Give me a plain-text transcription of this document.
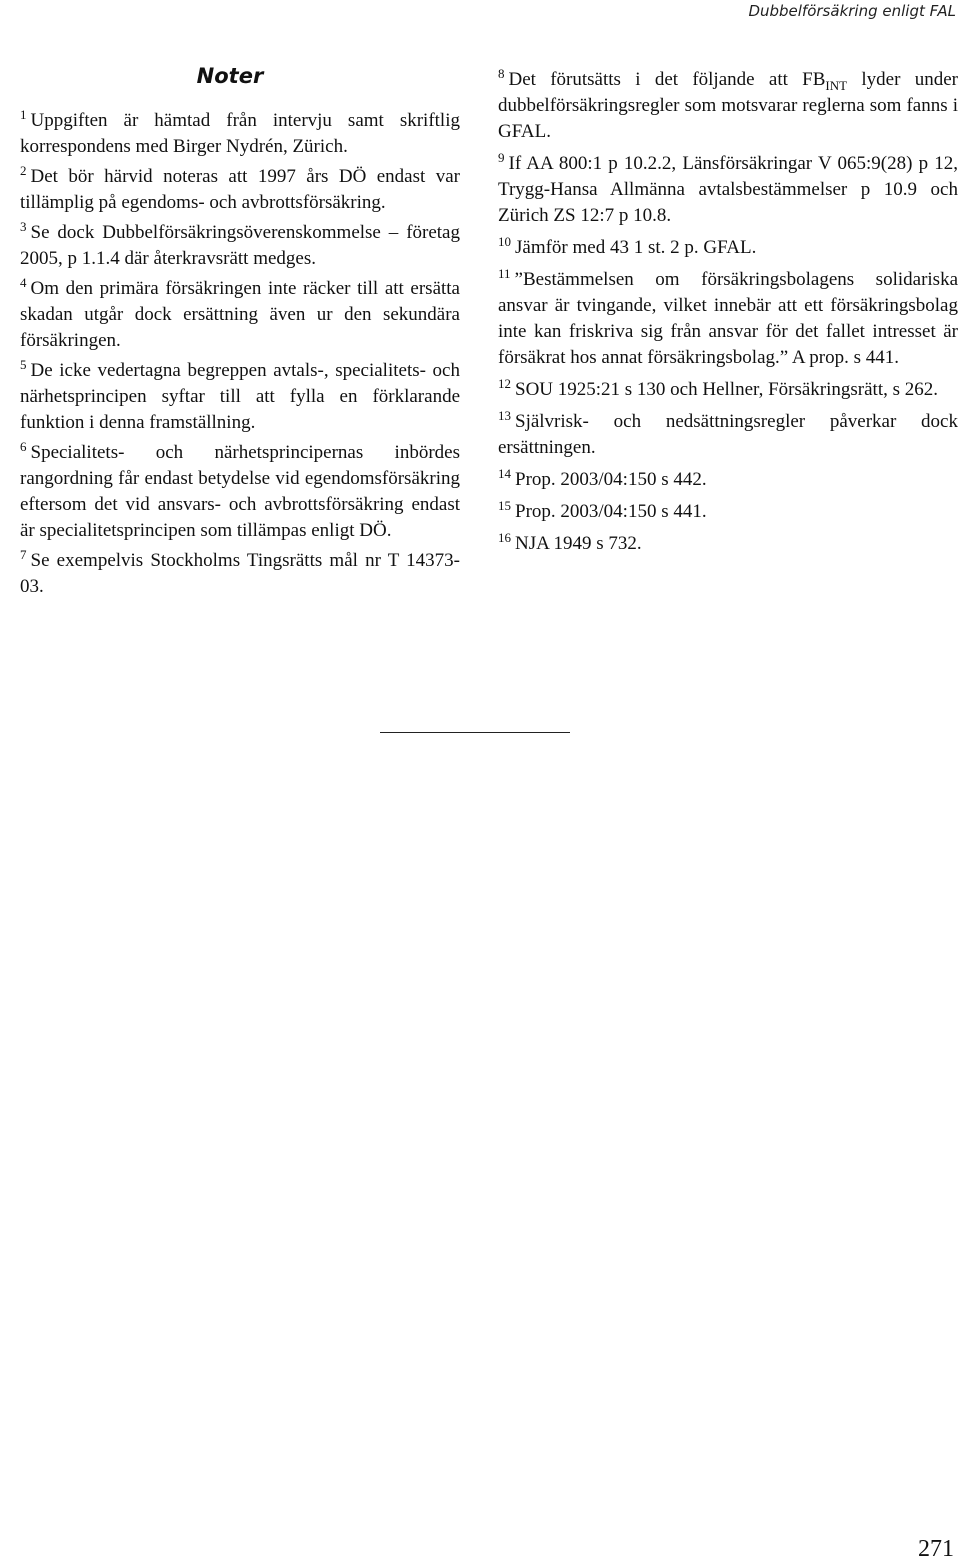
Dubbelförsäkring enligt FAL
Noter

$^1$ Uppgiften är hämtad från intervju samt skriftlig korrespondens med Birger Nydrén, Zürich.

$^2$ Det bör härvid noteras att 1997 års DÖ endast var tillämplig på egendoms- och avbrottsförsäkring.

$^3$ Se dock Dubbelförsäkringsöverenskommelse – företag 2005, p 1.1.4 där återkravsrätt medges.

$^4$ Om den primära försäkringen inte räcker till att ersätta skadan utgår dock ersättning även ur den sekundära försäkringen.

$^5$ De icke vedertagna begreppen avtals-, specialitets- och närhetsprincipen syftar till att fylla en förklarande funktion i denna framställning.

$^6$ Specialitets- och närhetsprincipernas inbördes rangordning får endast betydelse vid egendomsförsäkring eftersom det vid ansvars- och avbrottsförsäkring endast är specialitetsprincipen som tillämpas enligt DÖ.

$^7$ Se exempelvis Stockholms Tingsrätts mål nr T 14373-03.

$^8$ Det förutsätts i det följande att $FB_{INT}$ lyder under dubbelförsäkringsregler som motsvarar reglerna som fanns i GFAL.

$^9$ If AA 800:1 p 10.2.2, Länsförsäkringar V 065:9(28) p 12, Trygg-Hansa Allmänna avtalsbestämmelser p 10.9 och Zürich ZS 12:7 p 10.8.

$^{10}$ Jämför med 43 1 st. 2 p. GFAL.

$^{11}$ ”Bestämmelsen om försäkringsbolagens solidariska ansvar är tvingande, vilket innebär att ett försäkringsbolag inte kan friskriva sig från ansvar för det fallet intresset är försäkrat hos annat försäkringsbolag.” A prop. s 441.

$^{12}$ SOU 1925:21 s 130 och Hellner, Försäkringsrätt, s 262.

$^{13}$ Självrisk- och nedsättningsregler påverkar dock ersättningen.

$^{14}$ Prop. 2003/04:150 s 442.

$^{15}$ Prop. 2003/04:150 s 441.

$^{16}$ NJA 1949 s 732.

271
